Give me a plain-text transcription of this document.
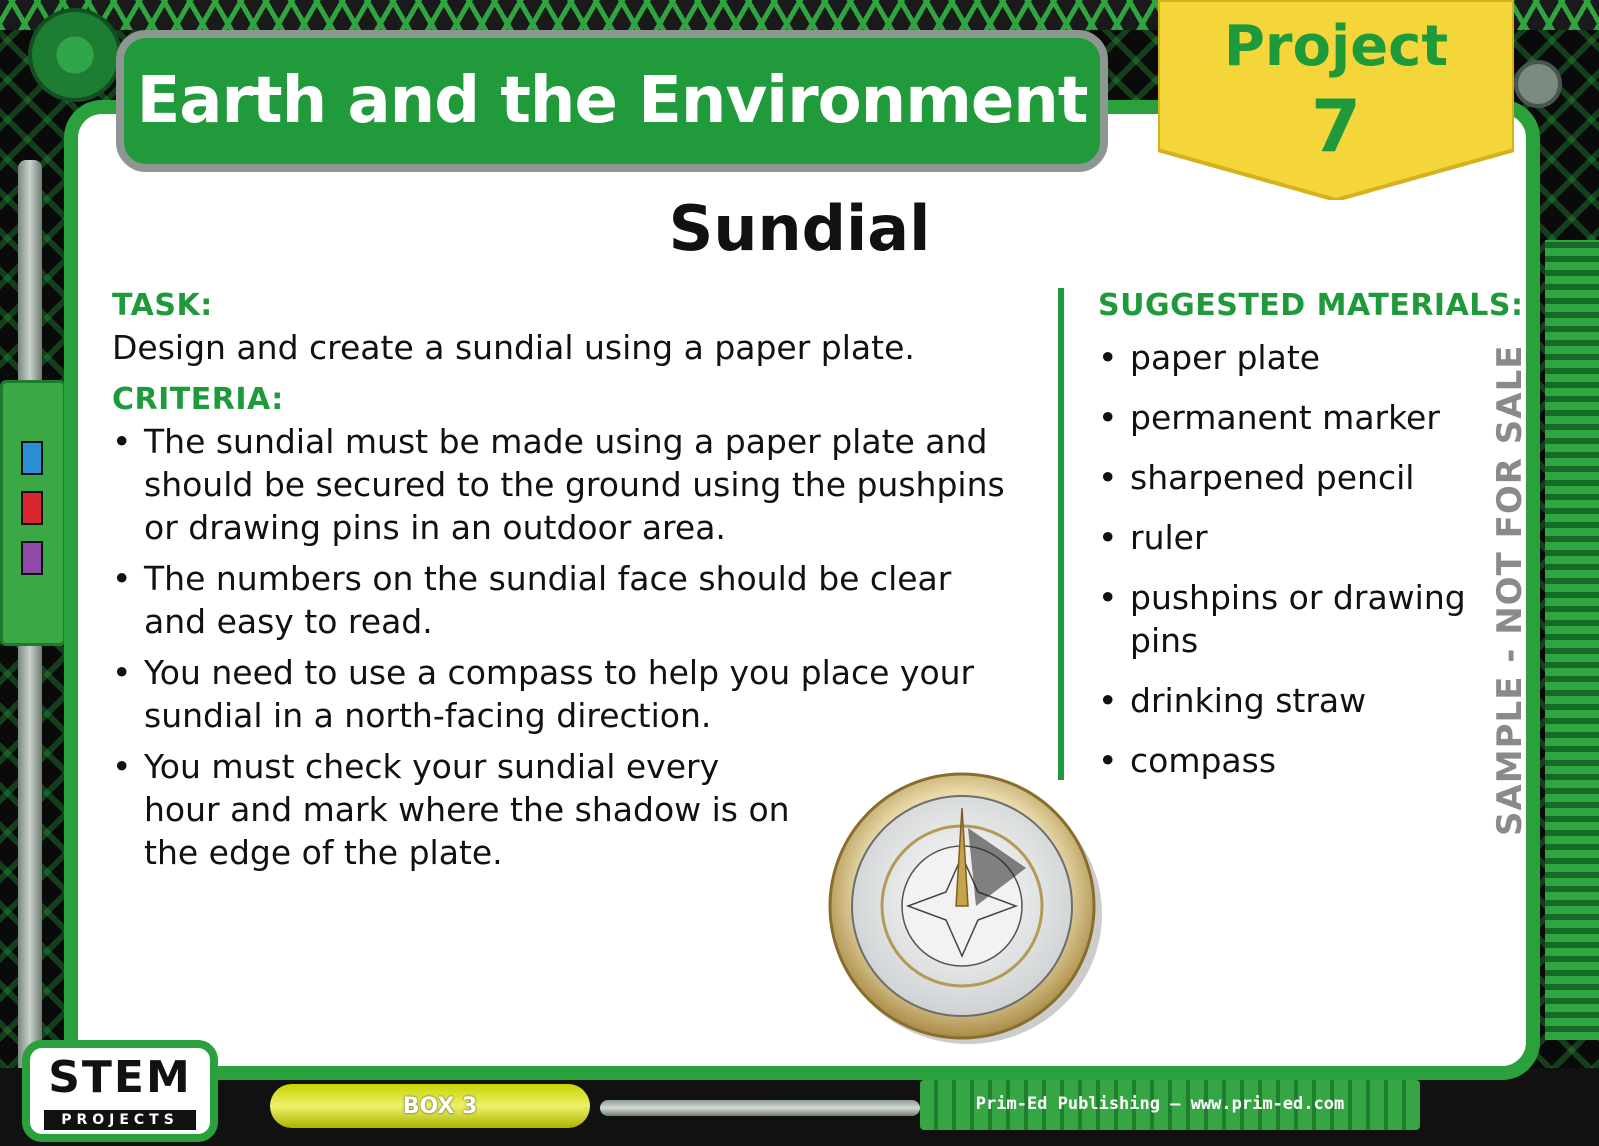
Earth and the Environment
Project
7
Sundial
TASK:
Design and create a sundial using a paper plate.
CRITERIA:
• The sundial must be made using a paper plate and should be secured to the ground using the pushpins or drawing pins in an outdoor area.
• The numbers on the sundial face should be clear and easy to read.
• You need to use a compass to help you place your sundial in a north-facing direction.
• You must check your sundial every hour and mark where the shadow is on the edge of the plate.
SUGGESTED MATERIALS:
• paper plate
• permanent marker
• sharpened pencil
• ruler
• pushpins or drawing pins
• drinking straw
• compass	SAMPLE - NOT FOR SALE
STEM
PROJECTS
BOX 3	Prim-Ed Publishing — www.prim-ed.com
